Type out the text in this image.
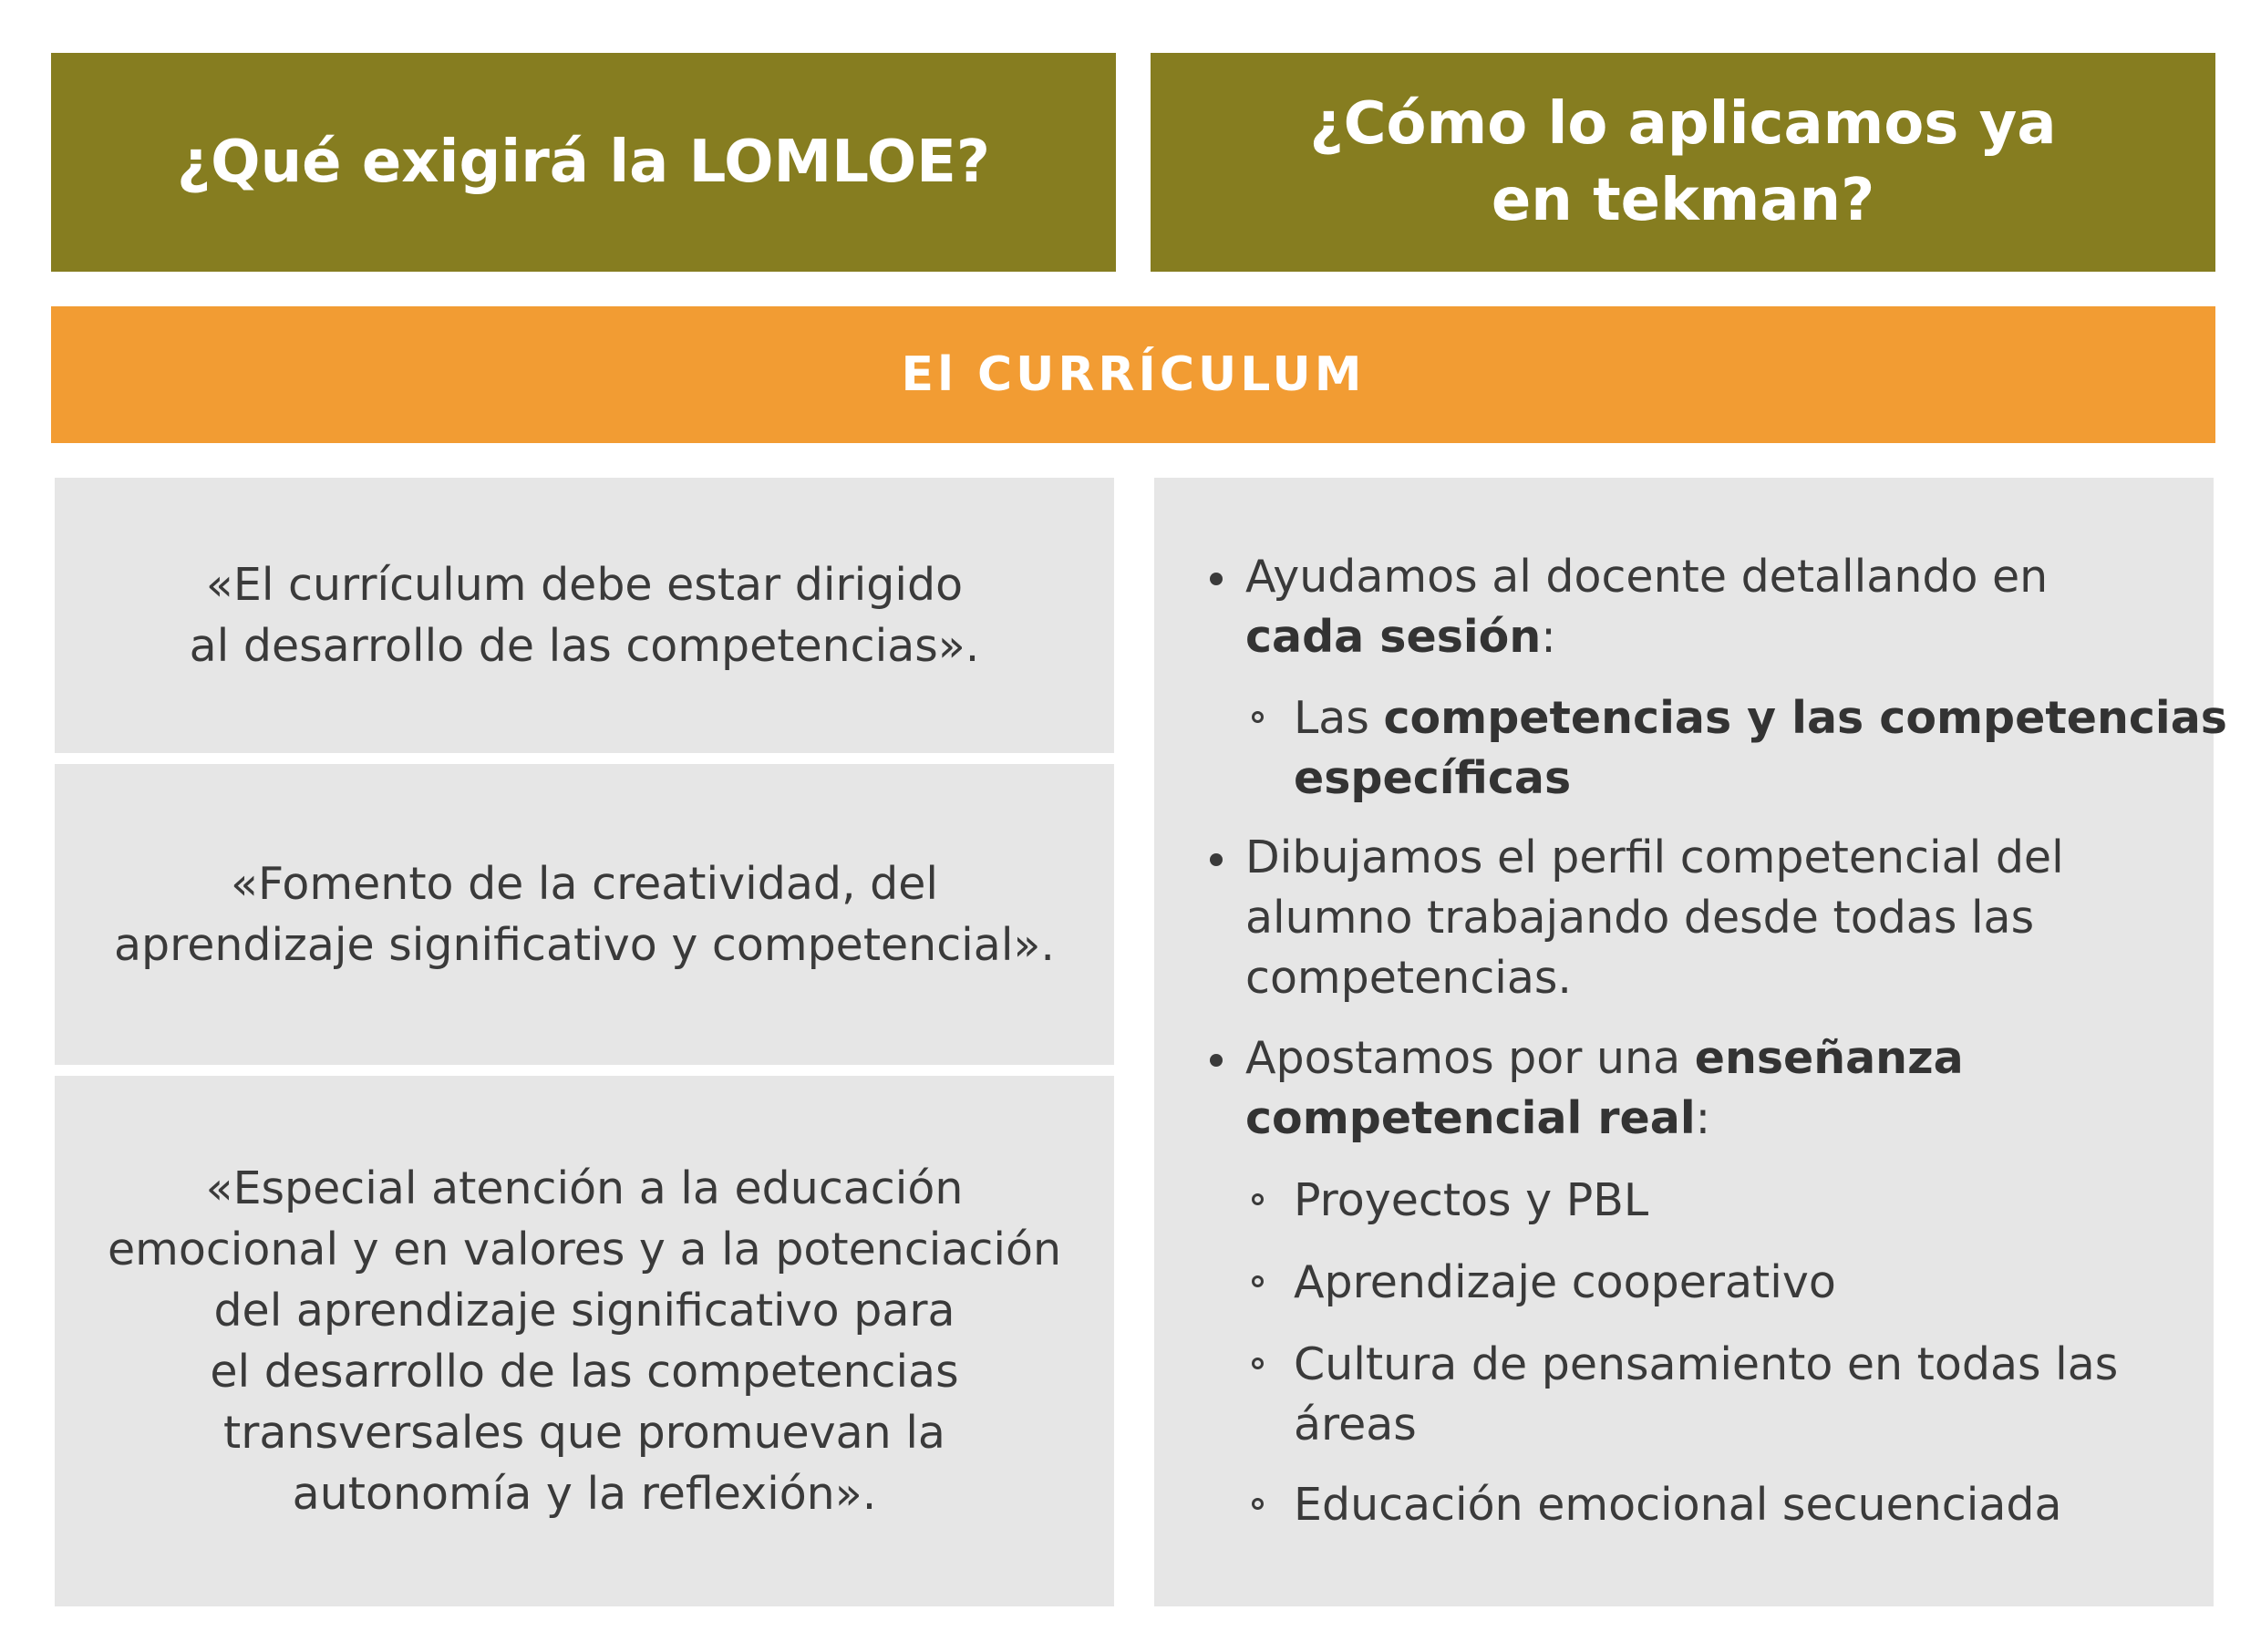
¿Qué exigirá la LOMLOE?
¿Cómo lo aplicamos ya
en tekman?
El CURRÍCULUM
«El currículum debe estar dirigido
al desarrollo de las competencias».
«Fomento de la creatividad, del
aprendizaje significativo y competencial».
«Especial atención a la educación
emocional y en valores y a la potenciación
del aprendizaje significativo para
el desarrollo de las competencias
transversales que promuevan la
autonomía y la reflexión».
Ayudamos al docente detallando en
cada sesión:
Las competencias y las competencias
específicas
Dibujamos el perfil competencial del
alumno trabajando desde todas las
competencias.
Apostamos por una enseñanza
competencial real:
Proyectos y PBL
Aprendizaje cooperativo
Cultura de pensamiento en todas las
áreas
Educación emocional secuenciada
